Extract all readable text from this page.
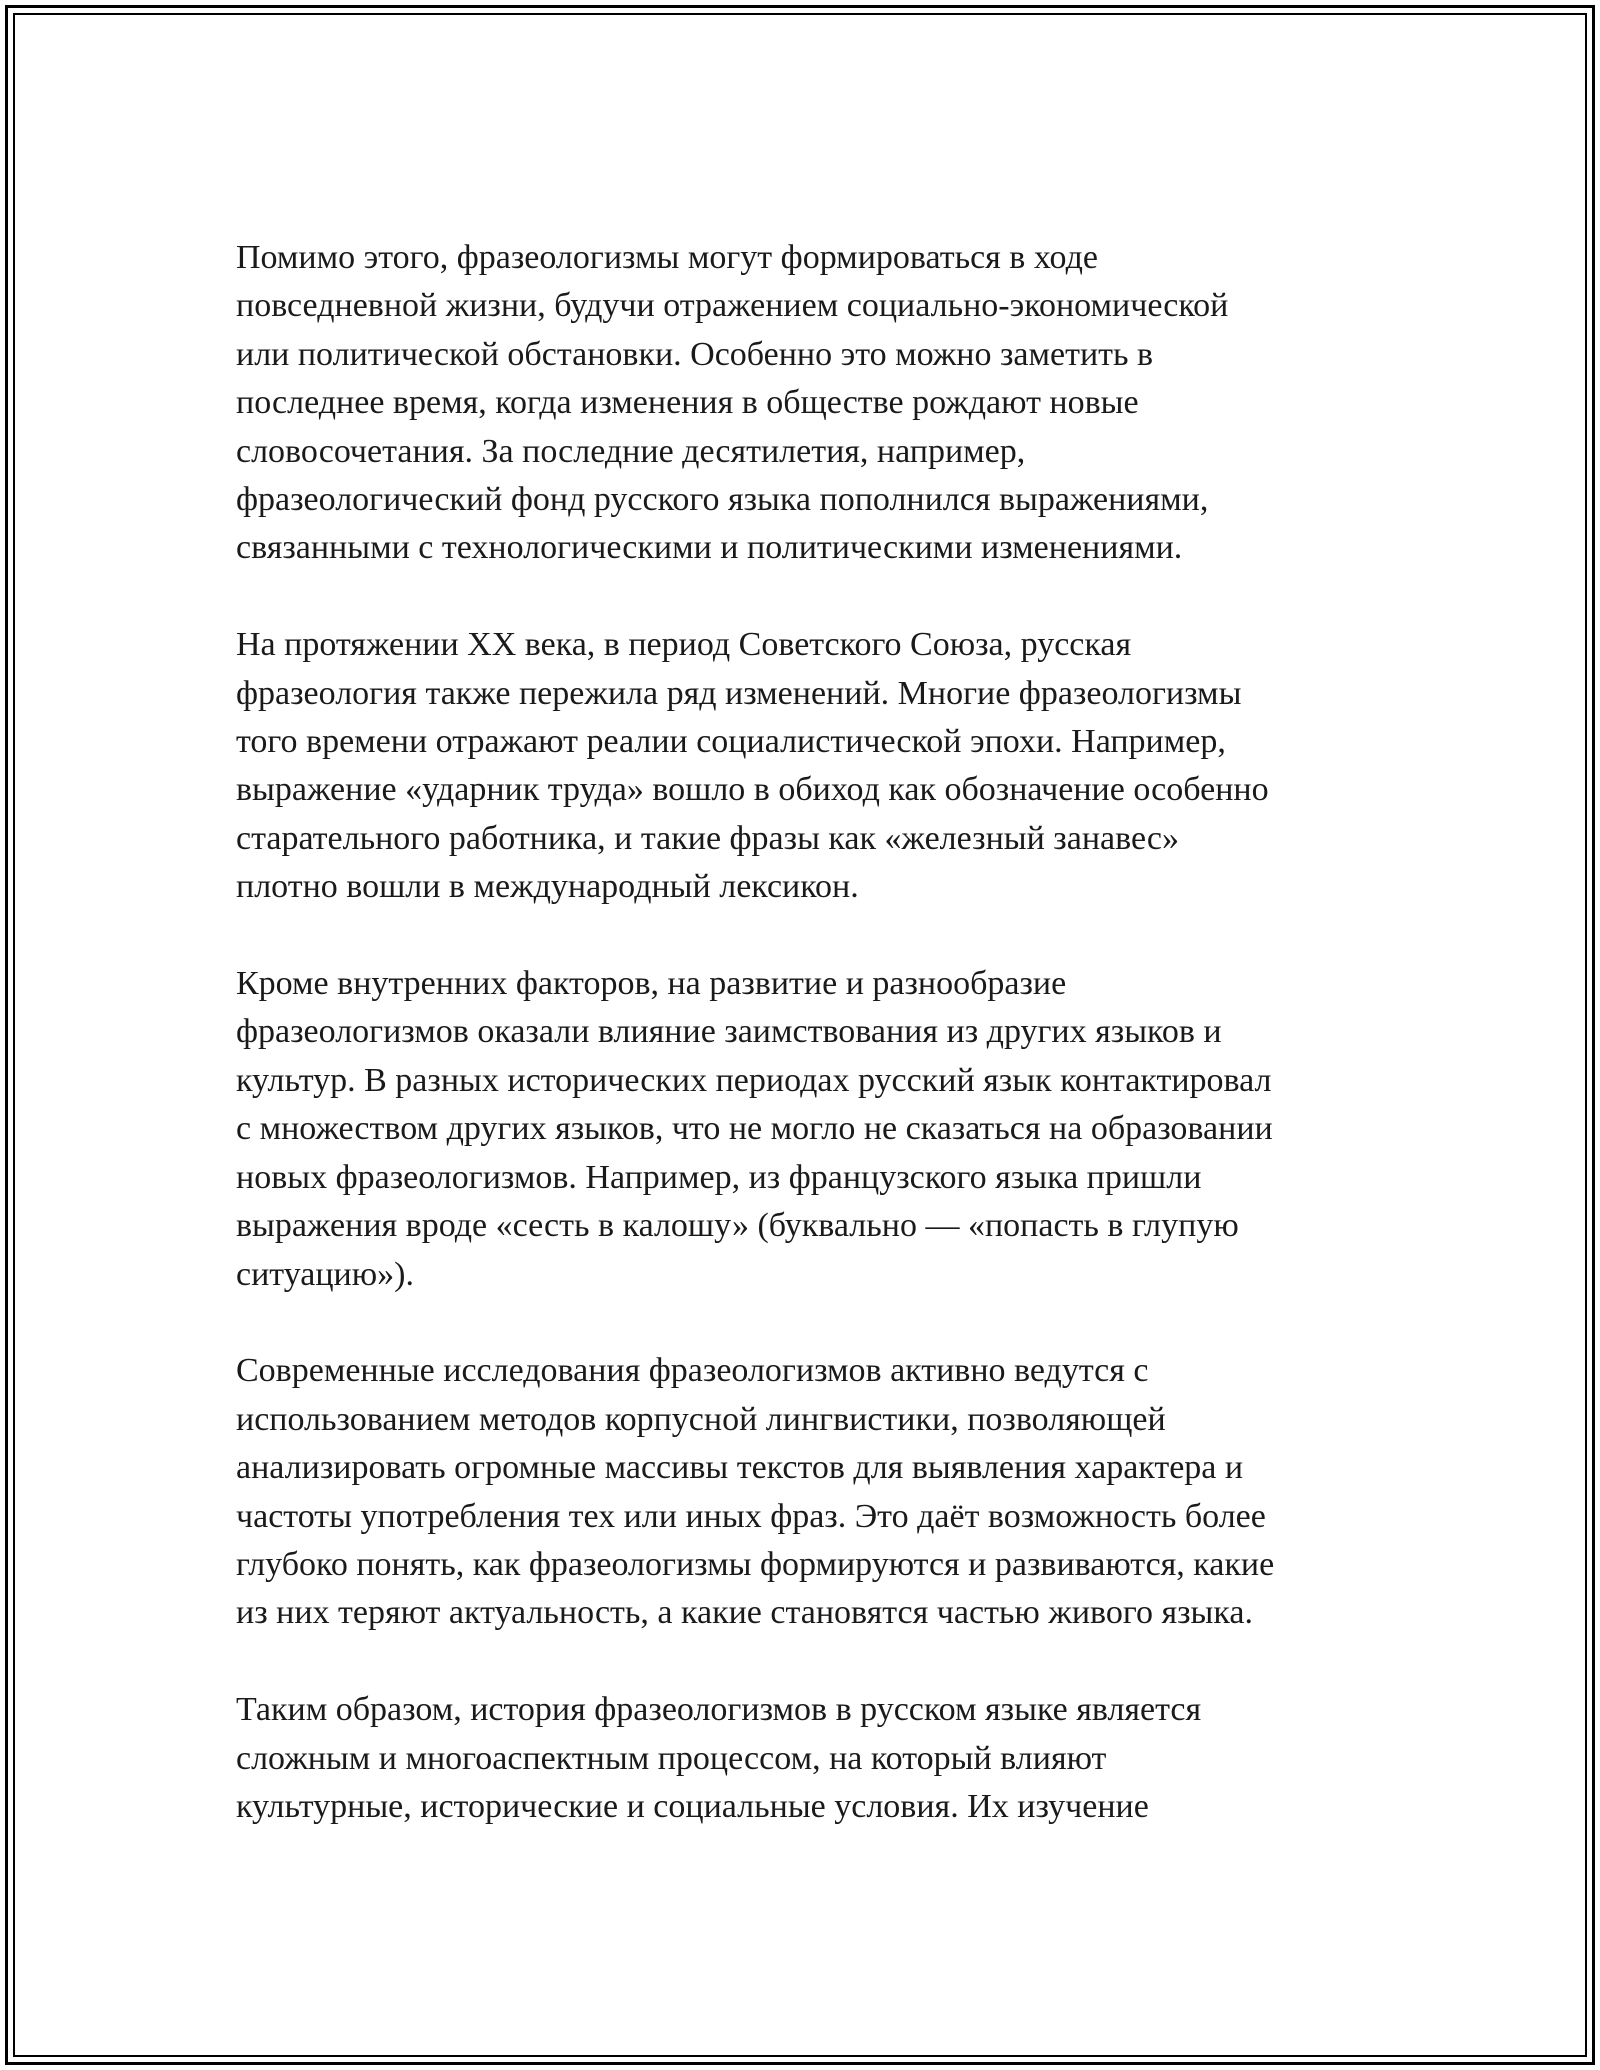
Помимо этого, фразеологизмы могут формироваться в ходе
повседневной жизни, будучи отражением социально-экономической
или политической обстановки. Особенно это можно заметить в
последнее время, когда изменения в обществе рождают новые
словосочетания. За последние десятилетия, например,
фразеологический фонд русского языка пополнился выражениями,
связанными с технологическими и политическими изменениями.

На протяжении XX века, в период Советского Союза, русская
фразеология также пережила ряд изменений. Многие фразеологизмы
того времени отражают реалии социалистической эпохи. Например,
выражение «ударник труда» вошло в обиход как обозначение особенно
старательного работника, и такие фразы как «железный занавес»
плотно вошли в международный лексикон.

Кроме внутренних факторов, на развитие и разнообразие
фразеологизмов оказали влияние заимствования из других языков и
культур. В разных исторических периодах русский язык контактировал
с множеством других языков, что не могло не сказаться на образовании
новых фразеологизмов. Например, из французского языка пришли
выражения вроде «сесть в калошу» (буквально — «попасть в глупую
ситуацию»).

Современные исследования фразеологизмов активно ведутся с
использованием методов корпусной лингвистики, позволяющей
анализировать огромные массивы текстов для выявления характера и
частоты употребления тех или иных фраз. Это даёт возможность более
глубоко понять, как фразеологизмы формируются и развиваются, какие
из них теряют актуальность, а какие становятся частью живого языка.

Таким образом, история фразеологизмов в русском языке является
сложным и многоаспектным процессом, на который влияют
культурные, исторические и социальные условия. Их изучение
